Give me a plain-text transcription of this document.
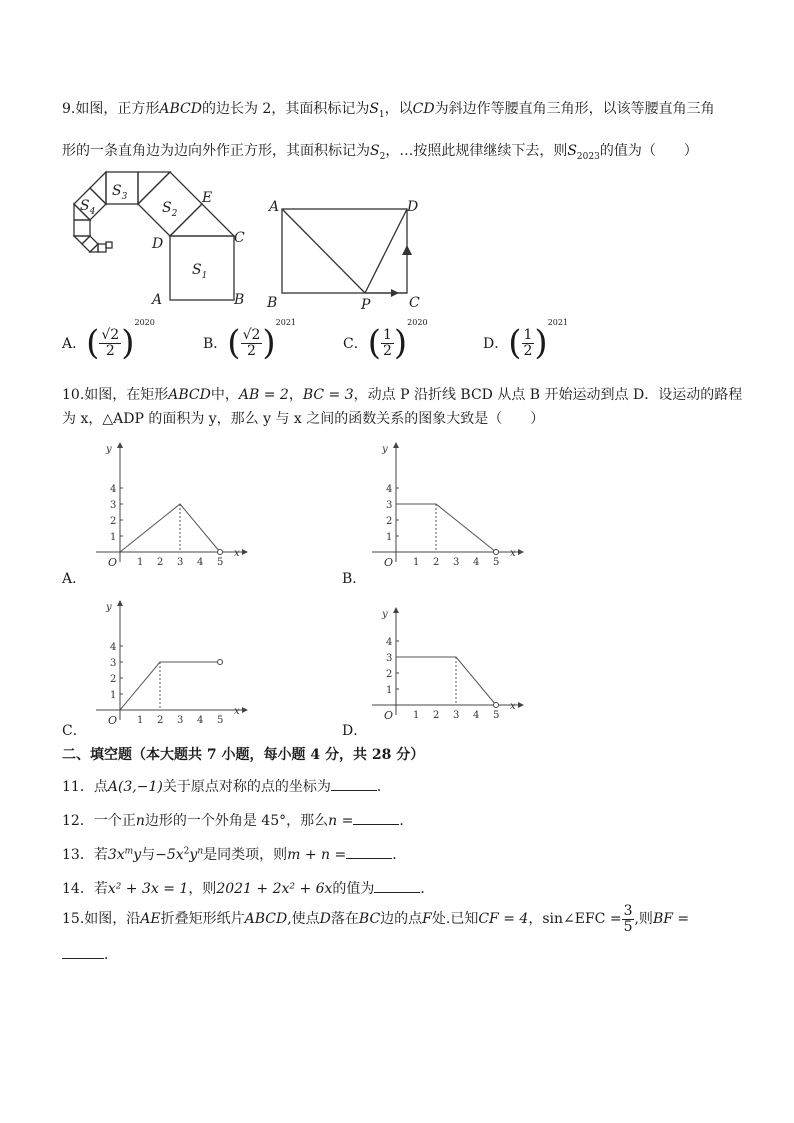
9.如图，正方形ABCD的边长为 2，其面积标记为$S_1$，以CD为斜边作等腰直角三角形，以该等腰直角三角
形的一条直角边为边向外作正方形，其面积标记为$S_2$，…按照此规律继续下去，则$S_{2023}$的值为（　　）
$S_1$
$S_2$
$S_3$
$S_4$
A	B
C
D
E
A
B	C
D
P
A．( $\frac{√2}{2} )^{2020}$
B．( $\frac{√2}{2} )^{2021}$
C．( $\frac{1}{2} )^{2020}$
D．( $\frac{1}{2} )^{2021}$
10.如图，在矩形ABCD中，AB = 2，BC = 3，动点 P 沿折线 BCD 从点 B 开始运动到点 D．设运动的路程
为 x，△ADP 的面积为 y，那么 y 与 x 之间的函数关系的图象大致是（　　）
y
x
O 1 2 3 4 5
1
2
3
4
y
x
O 1 2 3 4 5
1
2
3
4
y
x
O 1 2 3 4 5
1
2
3
4
y
x
O 1 2 3 4 5
1
2
3
4
A．	B．
C．	D．
二、填空题（本大题共 7 小题，每小题 4 分，共 28 分）
11．点A(3,−1)关于原点对称的点的坐标为	．
12．一个正n边形的一个外角是 45°，那么n =	．
13．若$3x^my$与$-5x^2y^n$是同类项，则m + n =	．
14．若x² + 3x = 1，则2021 + 2x² + 6x的值为	．
15.如图，沿AE折叠矩形纸片ABCD,使点D落在BC边的点F处.已知CF = 4，sin∠EFC = $\frac{3}{5}$ ,则BF =
．
